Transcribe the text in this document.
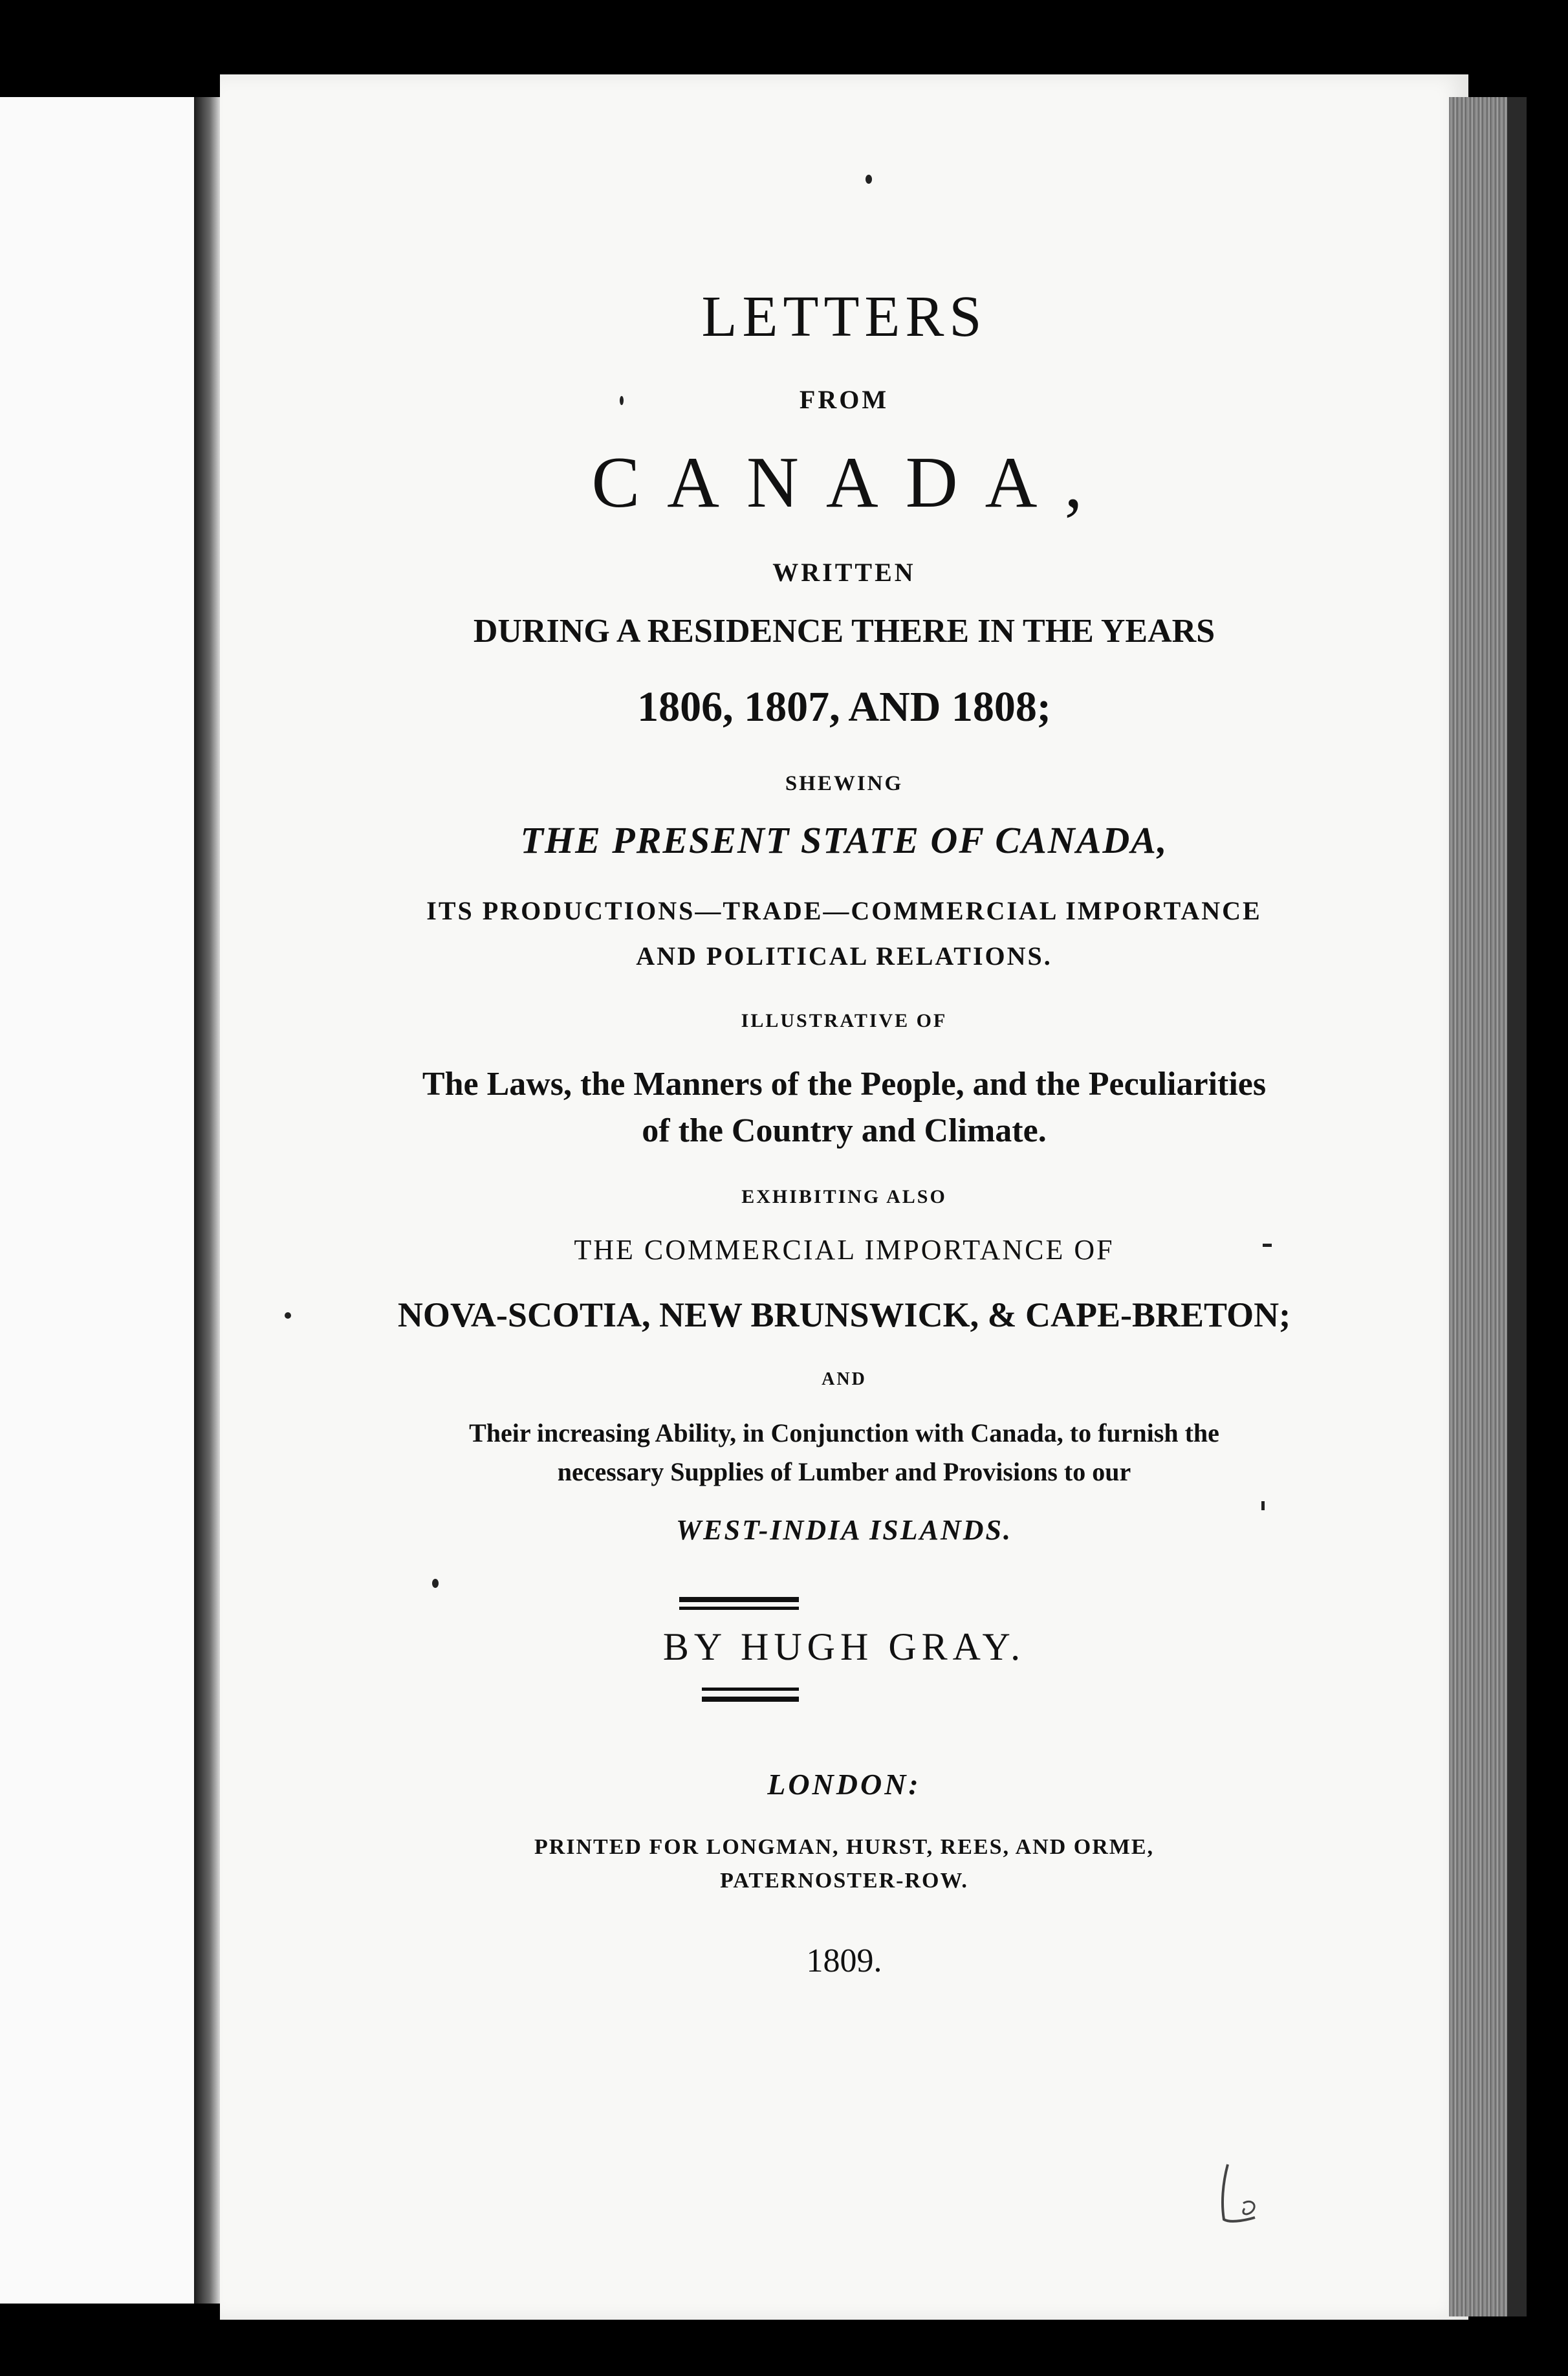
LETTERS
FROM
CANADA,
WRITTEN
DURING A RESIDENCE THERE IN THE YEARS
1806, 1807, AND 1808;
SHEWING
THE PRESENT STATE OF CANADA,
ITS PRODUCTIONS—TRADE—COMMERCIAL IMPORTANCE
AND POLITICAL RELATIONS.
ILLUSTRATIVE OF
The Laws, the Manners of the People, and the Peculiarities
of the Country and Climate.
EXHIBITING ALSO
THE COMMERCIAL IMPORTANCE OF
NOVA-SCOTIA, NEW BRUNSWICK, & CAPE-BRETON;
AND
Their increasing Ability, in Conjunction with Canada, to furnish the
necessary Supplies of Lumber and Provisions to our
WEST-INDIA ISLANDS.
BY HUGH GRAY.
LONDON:
PRINTED FOR LONGMAN, HURST, REES, AND ORME,
PATERNOSTER-ROW.
1809.
